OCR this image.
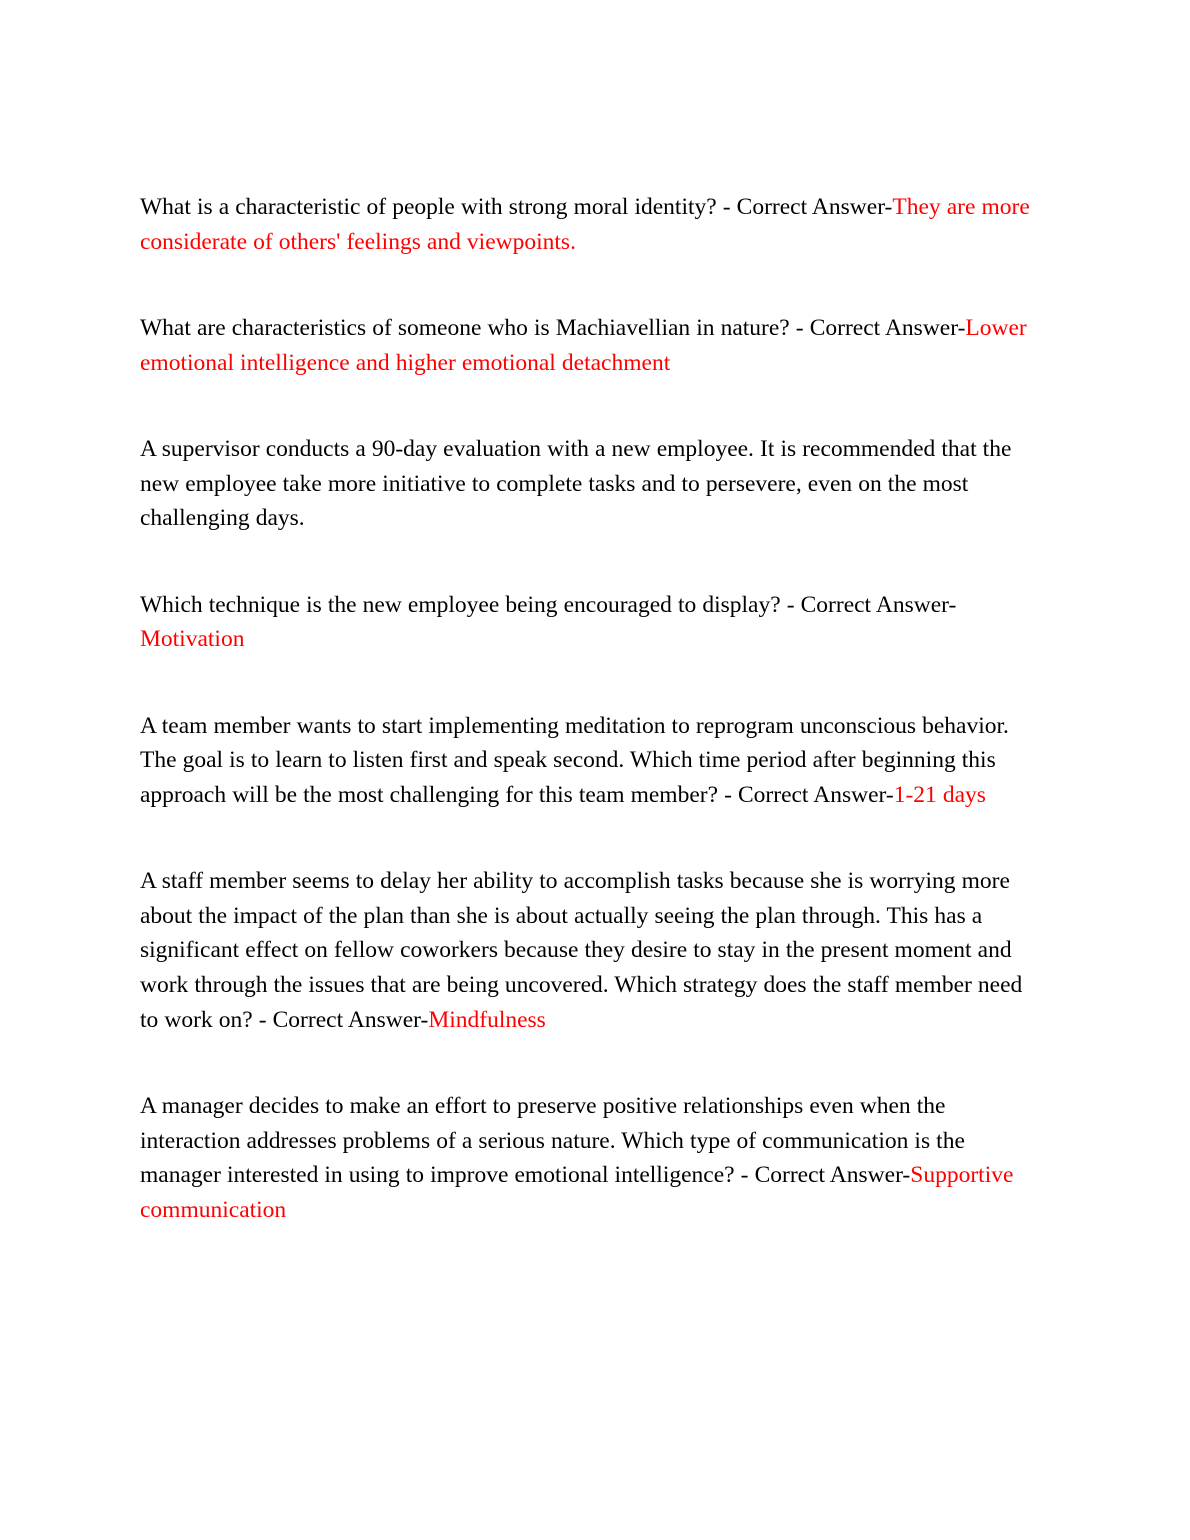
What is a characteristic of people with strong moral identity? - Correct Answer-They are more considerate of others' feelings and viewpoints.

What are characteristics of someone who is Machiavellian in nature? - Correct Answer-Lower emotional intelligence and higher emotional detachment

A supervisor conducts a 90-day evaluation with a new employee. It is recommended that the new employee take more initiative to complete tasks and to persevere, even on the most challenging days.

Which technique is the new employee being encouraged to display? - Correct Answer-Motivation

A team member wants to start implementing meditation to reprogram unconscious behavior. The goal is to learn to listen first and speak second. Which time period after beginning this approach will be the most challenging for this team member? - Correct Answer-1-21 days

A staff member seems to delay her ability to accomplish tasks because she is worrying more about the impact of the plan than she is about actually seeing the plan through. This has a significant effect on fellow coworkers because they desire to stay in the present moment and work through the issues that are being uncovered. Which strategy does the staff member need to work on? - Correct Answer-Mindfulness

A manager decides to make an effort to preserve positive relationships even when the interaction addresses problems of a serious nature. Which type of communication is the manager interested in using to improve emotional intelligence? - Correct Answer-Supportive communication
